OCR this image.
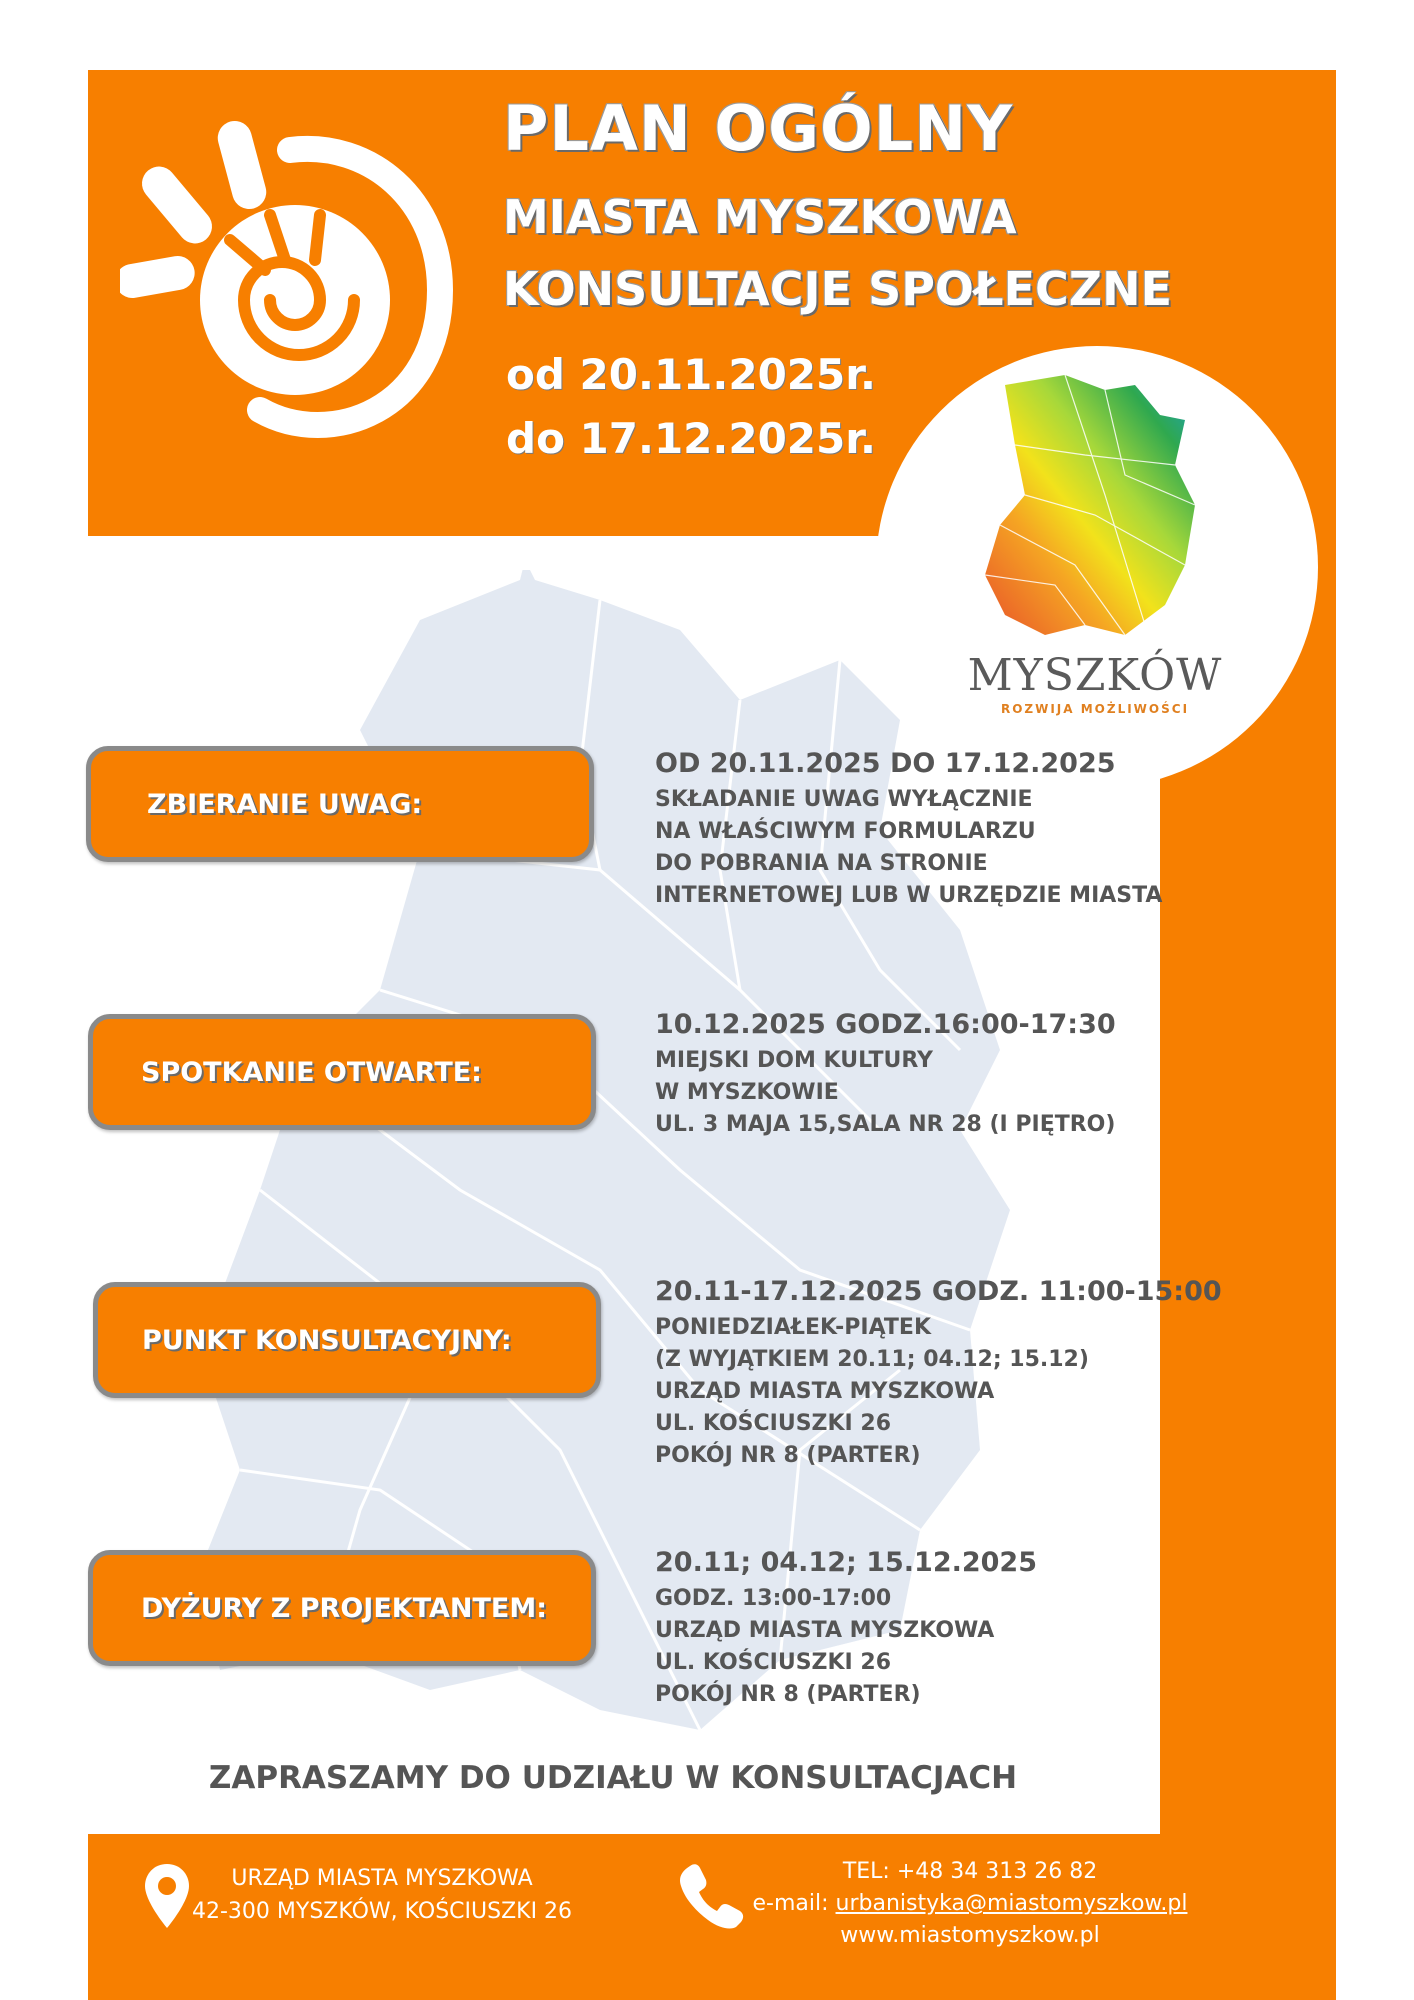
PLAN OGÓLNY
MIASTA MYSZKOWA
KONSULTACJE SPOŁECZNE
od 20.11.2025r.
do 17.12.2025r.
MYSZKÓW
ROZWIJA MOŻLIWOŚCI
ZBIERANIE UWAG:
SPOTKANIE OTWARTE:
PUNKT KONSULTACYJNY:
DYŻURY Z PROJEKTANTEM:
OD 20.11.2025 DO 17.12.2025
SKŁADANIE UWAG WYŁĄCZNIE
NA WŁAŚCIWYM FORMULARZU
DO POBRANIA NA STRONIE
INTERNETOWEJ LUB W URZĘDZIE MIASTA
10.12.2025 GODZ.16:00-17:30
MIEJSKI DOM KULTURY
W MYSZKOWIE
UL. 3 MAJA 15,SALA NR 28 (I PIĘTRO)
20.11-17.12.2025 GODZ. 11:00-15:00
PONIEDZIAŁEK-PIĄTEK
(Z WYJĄTKIEM 20.11; 04.12; 15.12)
URZĄD MIASTA MYSZKOWA
UL. KOŚCIUSZKI 26
POKÓJ NR 8 (PARTER)
20.11; 04.12; 15.12.2025
GODZ. 13:00-17:00
URZĄD MIASTA MYSZKOWA
UL. KOŚCIUSZKI 26
POKÓJ NR 8 (PARTER)
ZAPRASZAMY DO UDZIAŁU W KONSULTACJACH
URZĄD MIASTA MYSZKOWA
42-300 MYSZKÓW, KOŚCIUSZKI 26
TEL: +48 34 313 26 82
e-mail: urbanistyka@miastomyszkow.pl
www.miastomyszkow.pl
